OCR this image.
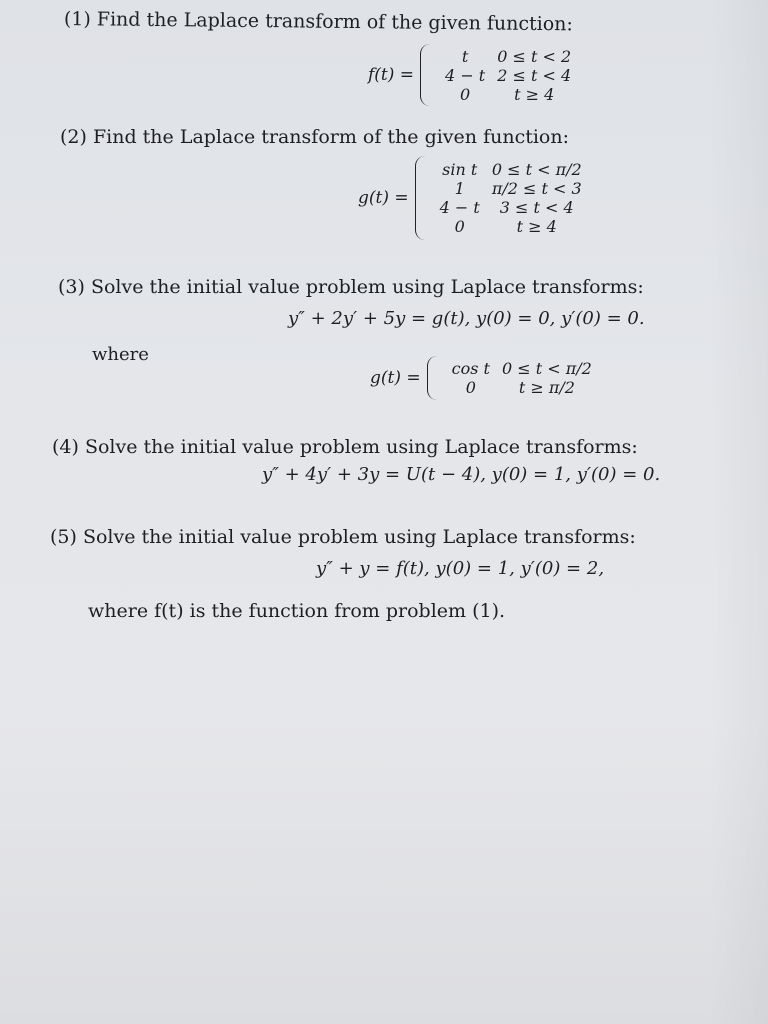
(1) Find the Laplace transform of the given function:
f(t) =
t	0 ≤ t < 2
4 − t	2 ≤ t < 4
0	t ≥ 4
(2) Find the Laplace transform of the given function:
g(t) =
sin t	0 ≤ t < π/2
1	π/2 ≤ t < 3
4 − t	3 ≤ t < 4
0	t ≥ 4
(3) Solve the initial value problem using Laplace transforms:
y″ + 2y′ + 5y = g(t), y(0) = 0, y′(0) = 0.
where
g(t) = cos t	0 ≤ t < π/2
0	t ≥ π/2
(4) Solve the initial value problem using Laplace transforms:
y″ + 4y′ + 3y = U(t − 4), y(0) = 1, y′(0) = 0.
(5) Solve the initial value problem using Laplace transforms:
y″ + y = f(t), y(0) = 1, y′(0) = 2,
where f(t) is the function from problem (1).
